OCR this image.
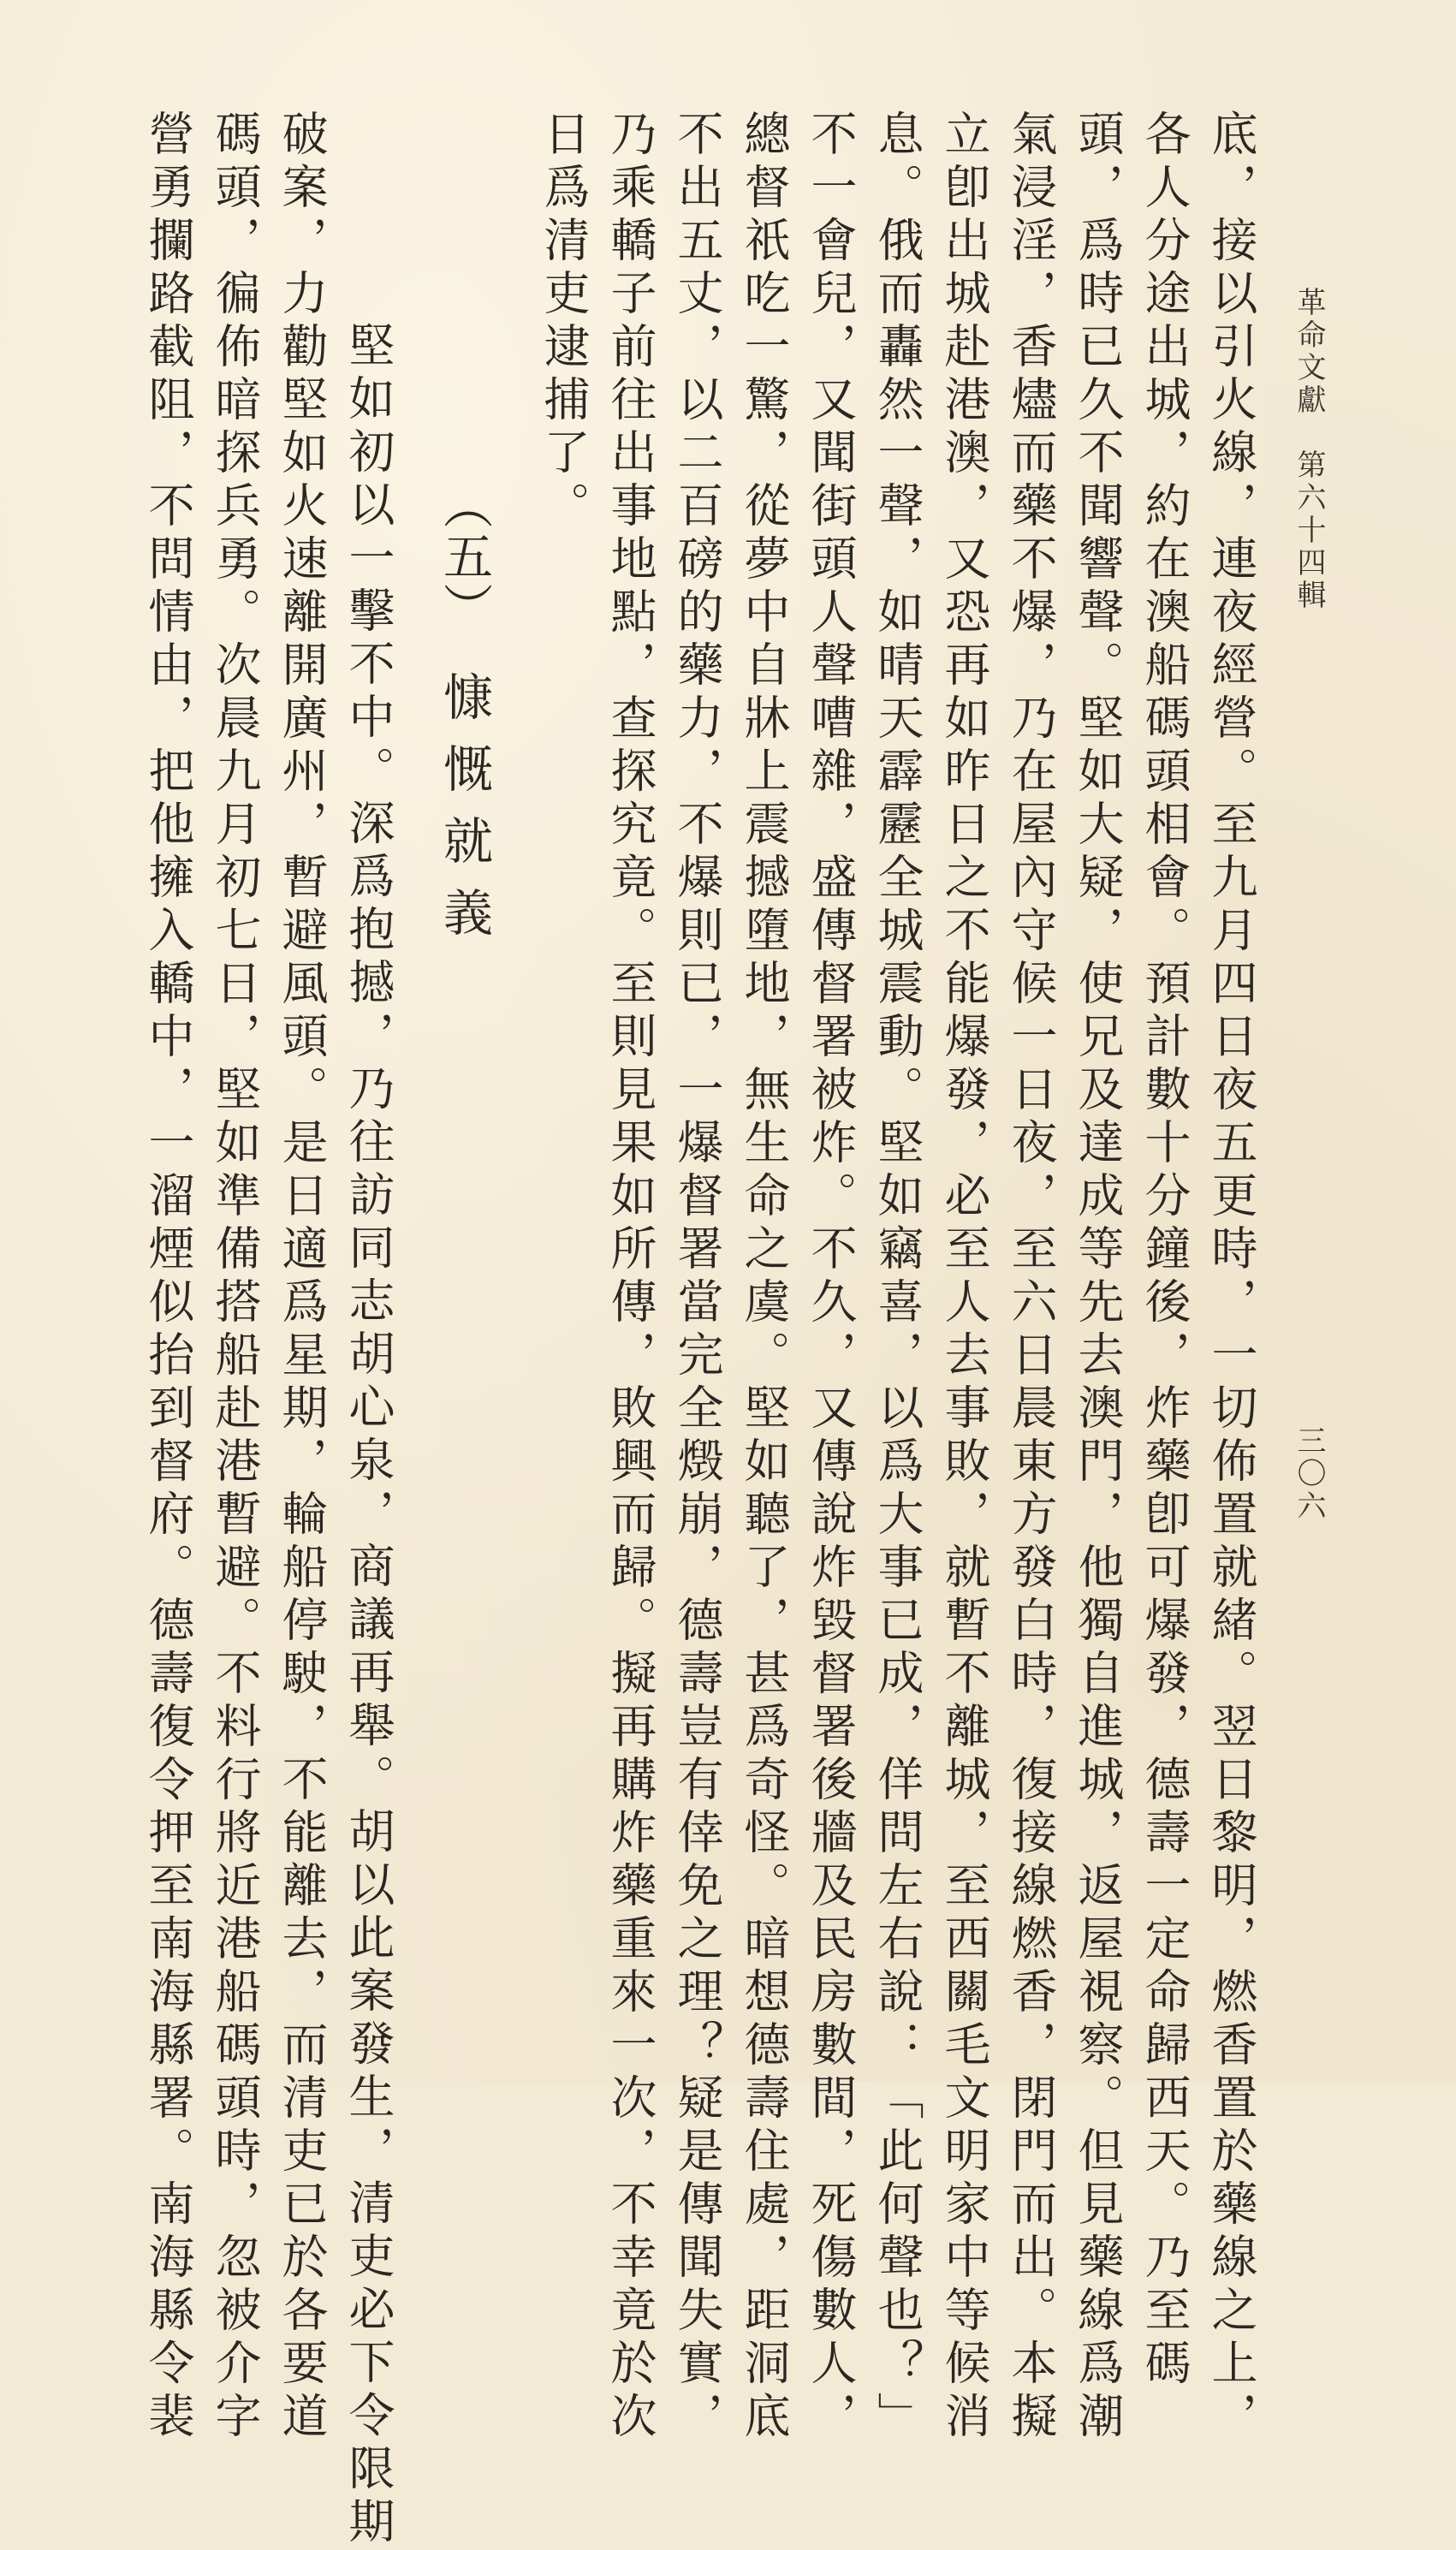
革命文獻　第六十四輯
三〇六
底，接以引火線，連夜經營。至九月四日夜五更時，一切佈置就緒。翌日黎明，燃香置於藥線之上，
各人分途出城，約在澳船碼頭相會。預計數十分鐘後，炸藥卽可爆發，德壽一定命歸西天。乃至碼
頭，爲時已久不聞響聲。堅如大疑，使兄及達成等先去澳門，他獨自進城，返屋視察。但見藥線爲潮
氣浸淫，香燼而藥不爆，乃在屋內守候一日夜，至六日晨東方發白時，復接線燃香，閉門而出。本擬
立卽出城赴港澳，又恐再如昨日之不能爆發，必至人去事敗，就暫不離城，至西關毛文明家中等候消
息。俄而轟然一聲，如晴天霹靂全城震動。堅如竊喜，以爲大事已成，佯問左右說：「此何聲也？」
不一會兒，又聞街頭人聲嘈雜，盛傳督署被炸。不久，又傳說炸毀督署後牆及民房數間，死傷數人，
總督祇吃一驚，從夢中自牀上震撼墮地，無生命之虞。堅如聽了，甚爲奇怪。暗想德壽住處，距洞底
不出五丈，以二百磅的藥力，不爆則已，一爆督署當完全燬崩，德壽豈有倖免之理？疑是傳聞失實，
乃乘轎子前往出事地點，查探究竟。至則見果如所傳，敗興而歸。擬再購炸藥重來一次，不幸竟於次
日爲清吏逮捕了。
（五）慷慨就義
堅如初以一擊不中。深爲抱撼，乃往訪同志胡心泉，商議再舉。胡以此案發生，清吏必下令限期
破案，力勸堅如火速離開廣州，暫避風頭。是日適爲星期，輪船停駛，不能離去，而清吏已於各要道
碼頭，徧佈暗探兵勇。次晨九月初七日，堅如準備搭船赴港暫避。不料行將近港船碼頭時，忽被介字
營勇攔路截阻，不問情由，把他擁入轎中，一溜煙似抬到督府。德壽復令押至南海縣署。南海縣令裴
